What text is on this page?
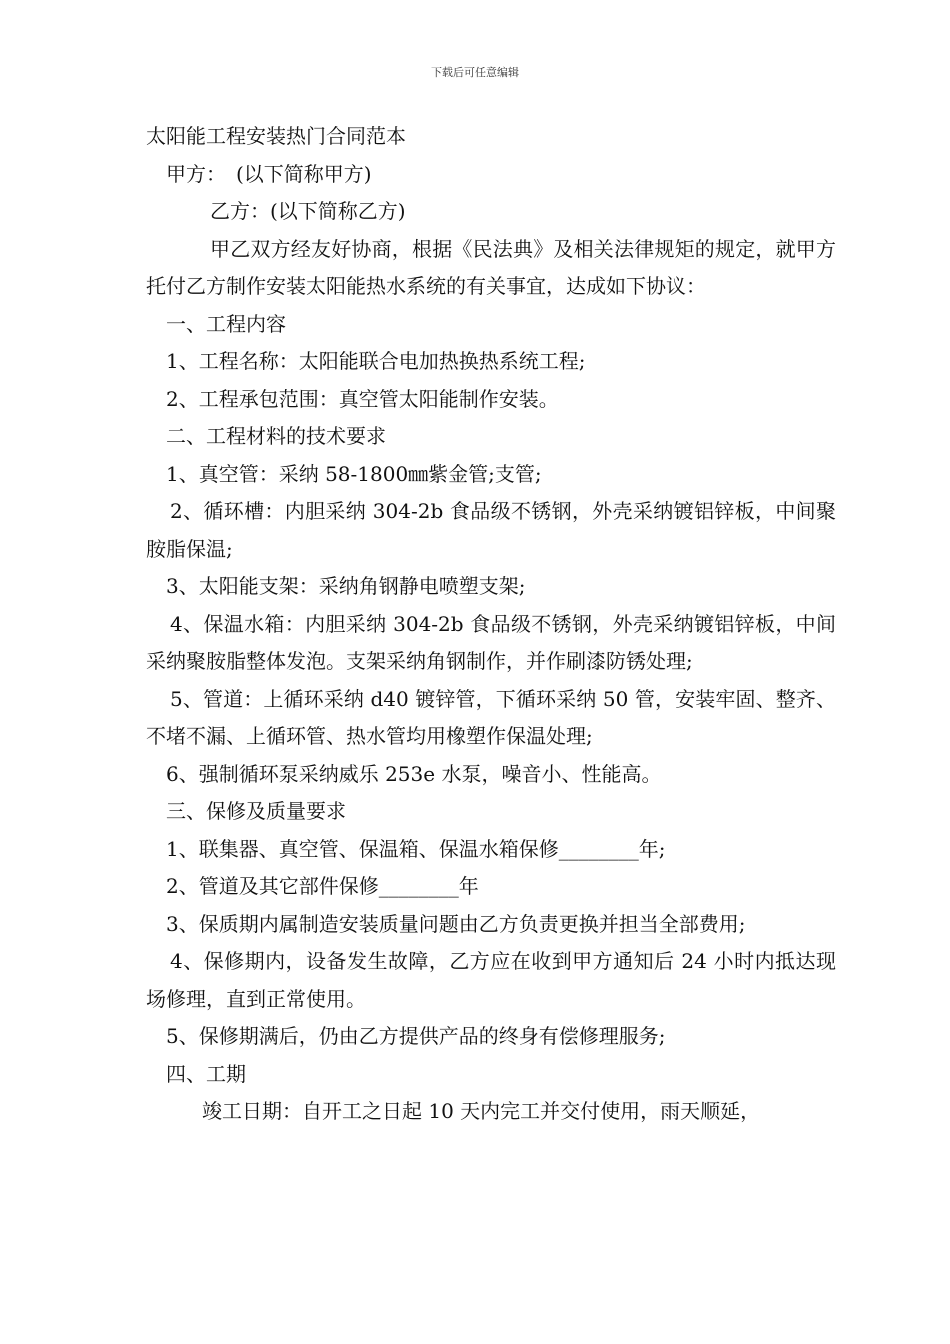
下载后可任意编辑

太阳能工程安装热门合同范本

甲方：　(以下简称甲方)

乙方：(以下简称乙方)

甲乙双方经友好协商，根据《民法典》及相关法律规矩的规定，就甲方托付乙方制作安装太阳能热水系统的有关事宜，达成如下协议：

一、工程内容

1、工程名称：太阳能联合电加热换热系统工程;

2、工程承包范围：真空管太阳能制作安装。

二、工程材料的技术要求

1、真空管：采纳 58-1800㎜紫金管;支管;

2、循环槽：内胆采纳 304-2b 食品级不锈钢，外壳采纳镀铝锌板，中间聚胺脂保温;

3、太阳能支架：采纳角钢静电喷塑支架;

4、保温水箱：内胆采纳 304-2b 食品级不锈钢，外壳采纳镀铝锌板，中间采纳聚胺脂整体发泡。支架采纳角钢制作，并作刷漆防锈处理;

5、管道：上循环采纳 d40 镀锌管，下循环采纳 50 管，安装牢固、整齐、不堵不漏、上循环管、热水管均用橡塑作保温处理;

6、强制循环泵采纳威乐 253e 水泵，噪音小、性能高。

三、保修及质量要求

1、联集器、真空管、保温箱、保温水箱保修________年;

2、管道及其它部件保修________年

3、保质期内属制造安装质量问题由乙方负责更换并担当全部费用;

4、保修期内，设备发生故障，乙方应在收到甲方通知后 24 小时内抵达现场修理，直到正常使用。

5、保修期满后，仍由乙方提供产品的终身有偿修理服务;

四、工期

竣工日期：自开工之日起 10 天内完工并交付使用，雨天顺延，
